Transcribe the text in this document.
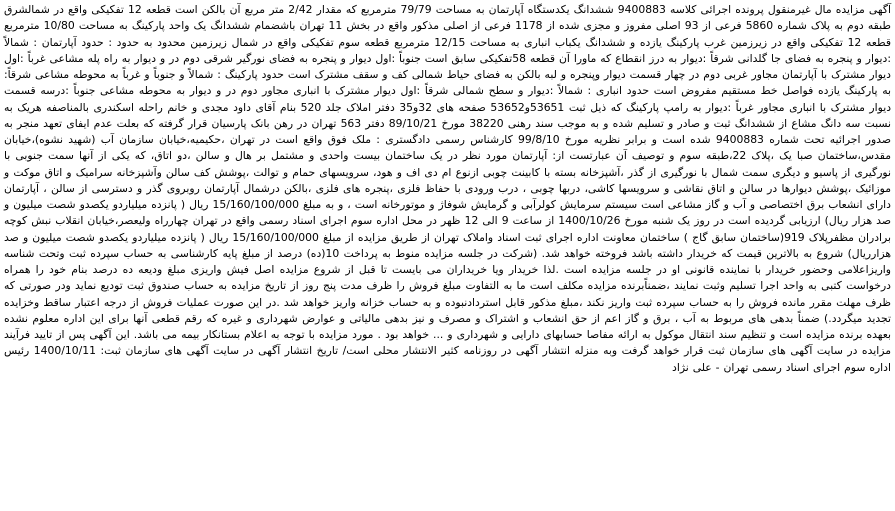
آگهی مزایده مال غیرمنقول پرونده اجرائی کلاسه 9400883 ششدانگ یکدستگاه آپارتمان به مساحت 79/79 مترمربع که مقدار 2/42 متر مربع آن بالکن است قطعه 12 تفکیکی واقع در شمالشرق طبقه دوم به پلاک شماره 5860 فرعی از 93 اصلی مفروز و مجزی شده از 1178 فرعی از اصلی مذکور واقع در بخش 11 تهران باشضمام ششدانگ یک واحد پارکینگ به مساحت 10/80 مترمربع قطعه 12 تفکیکی واقع در زیرزمین غرب پارکینگ یازده و ششدانگ یکباب انباری به مساحت 12/15 مترمربع قطعه سوم تفکیکی واقع در شمال زیرزمین محدود به حدود : حدود آپارتمان : شمالاً :دیوار و پنجره به فضای جا گلدانی شرقاً :دیوار به درز انقطاع که ماورا آن قطعه 58تفکیکی سابق است جنوباً :اول دیوار و پنجره به فضای نورگیر شرقی دوم در و دیوار به راه پله مشاعی غرباً :اول دیوار مشترک با آپارتمان مجاور غربی دوم در چهار قسمت دیوار وپنجره و لبه بالکن به فضای حیاط شمالی کف و سقف مشترک است حدود پارکینگ : شمالاً و جنوباً و غرباً به محوطه مشاعی شرقاً: به پارکینگ یازده فواصل خط مستقیم مفروض است حدود انباری : شمالاً :دیوار و سطح شمالی شرقاً :اول دیوار مشترک با انباری مجاور دوم در و دیوار به محوطه مشاعی جنوباً :درسه قسمت دیوار مشترک با انباری مجاور غرباً :دیوار به رامپ پارکینگ که ذیل ثبت 53651و53652 صفحه های 32و35 دفتر املاک جلد 520 بنام آقای داود مجدی و خانم راحله اسکندری بالمناصفه هریک به نسبت سه دانگ مشاع از ششدانگ ثبت و صادر و تسلیم شده و به موجب سند رهنی 38220 مورخ 89/10/21 دفتر 563 تهران در رهن بانک پارسیان قرار گرفته که بعلت عدم ایفای تعهد منجر به صدور اجرائیه تحت شماره 9400883 شده است و برابر نظریه مورخ 99/8/10 کارشناس رسمی دادگستری : ملک فوق واقع است در تهران ،حکیمیه،خیابان سازمان آب (شهید نشوه)،خیابان مقدس،ساختمان صبا یک ،پلاک 22،طبقه سوم و توصیف آن عبارتست از: آپارتمان مورد نظر در یک ساختمان بیست واحدی و مشتمل بر هال و سالن ،دو اتاق، که یکی از آنها سمت جنوبی با نورگیری از پاسیو و دیگری سمت شمال با نورگیری از گذر ،آشپزخانه بسته با کابینت چوبی ازنوع ام دی اف و هود، سرویسهای حمام و توالت ،پوشش کف سالن وآشپزخانه سرامیک و اتاق موکت و موزائیک ،پوشش دیوارها در سالن و اتاق نقاشی و سرویسها کاشی، دربها چوبی ، درب ورودی با حفاظ فلزی ،پنجره های فلزی ،بالکن درشمال آپارتمان روبروی گذر و دسترسی از سالن ، آپارتمان دارای انشعاب برق اختصاصی و آب و گاز مشاعی است سیستم سرمایش کولرآبی و گرمایش شوفاژ و موتورخانه است ، و به مبلغ 15/160/100/000 ریال ( پانزده میلیاردو یکصدو شصت میلیون و صد هزار ریال) ارزیابی گردیده است در روز یک شنبه مورخ 1400/10/26 از ساعت 9 الی 12 ظهر در محل اداره سوم اجرای اسناد رسمی واقع در تهران چهارراه ولیعصر،خیابان انقلاب نبش کوچه برادران مظفرپلاک 919(ساختمان سابق گاج ) ساختمان معاونت اداره اجرای ثبت اسناد واملاک تهران از طریق مزایده از مبلغ 15/160/100/000 ریال ( پانزده میلیاردو یکصدو شصت میلیون و صد هزارریال) شروع به بالاترین قیمت که خریدار داشته باشد فروخته خواهد شد. (شرکت در جلسه مزایده منوط به پرداخت 10(ده) درصد از مبلغ پایه کارشناسی به حساب سپرده ثبت وتحت شناسه واریزاعلامی وحضور خریدار با نماینده قانونی او در جلسه مزایده است .لذا خریدار ویا خریداران می بایست تا قبل از شروع مزایده اصل فیش واریزی مبلغ ودیعه ده درصد بنام خود را همراه درخواست کتبی به واحد اجرا تسلیم وثبت نمایند ،ضمناًبرنده مزایده مکلف است ما به التفاوت مبلغ فروش را ظرف مدت پنج روز از تاریخ مزایده به حساب صندوق ثبت تودیع نماید ودر صورتی که ظرف مهلت مقرر مانده فروش را به حساب سپرده ثبت واریز نکند ،مبلغ مذکور قابل استردادنبوده و به حساب خزانه واریز خواهد شد .در این صورت عملیات فروش از درجه اعتبار ساقط وخزایده تجدید میگردد.) ضمناً بدهی های مربوط به آب ، برق و گاز اعم از حق انشعاب و اشتراک و مصرف و نیز بدهی مالیاتی و عوارض شهرداری و غیره که رقم قطعی آنها برای این اداره معلوم نشده بعهده برنده مزایده است و تنظیم سند انتقال موکول به ارائه مفاصا حسابهای دارایی و شهرداری و ... خواهد بود . مورد مزایده با توجه به اعلام بستانکار بیمه می باشد. این آگهی پس از تایید فرآیند مزایده در سایت آگهی های سازمان ثبت قرار خواهد گرفت وبه منزله انتشار آگهی در روزنامه کثیر الانتشار محلی است/ تاریخ انتشار آگهی در سایت آگهی های سازمان ثبت: 1400/10/11 رئیس اداره سوم اجرای اسناد رسمی تهران - علی نژاد
